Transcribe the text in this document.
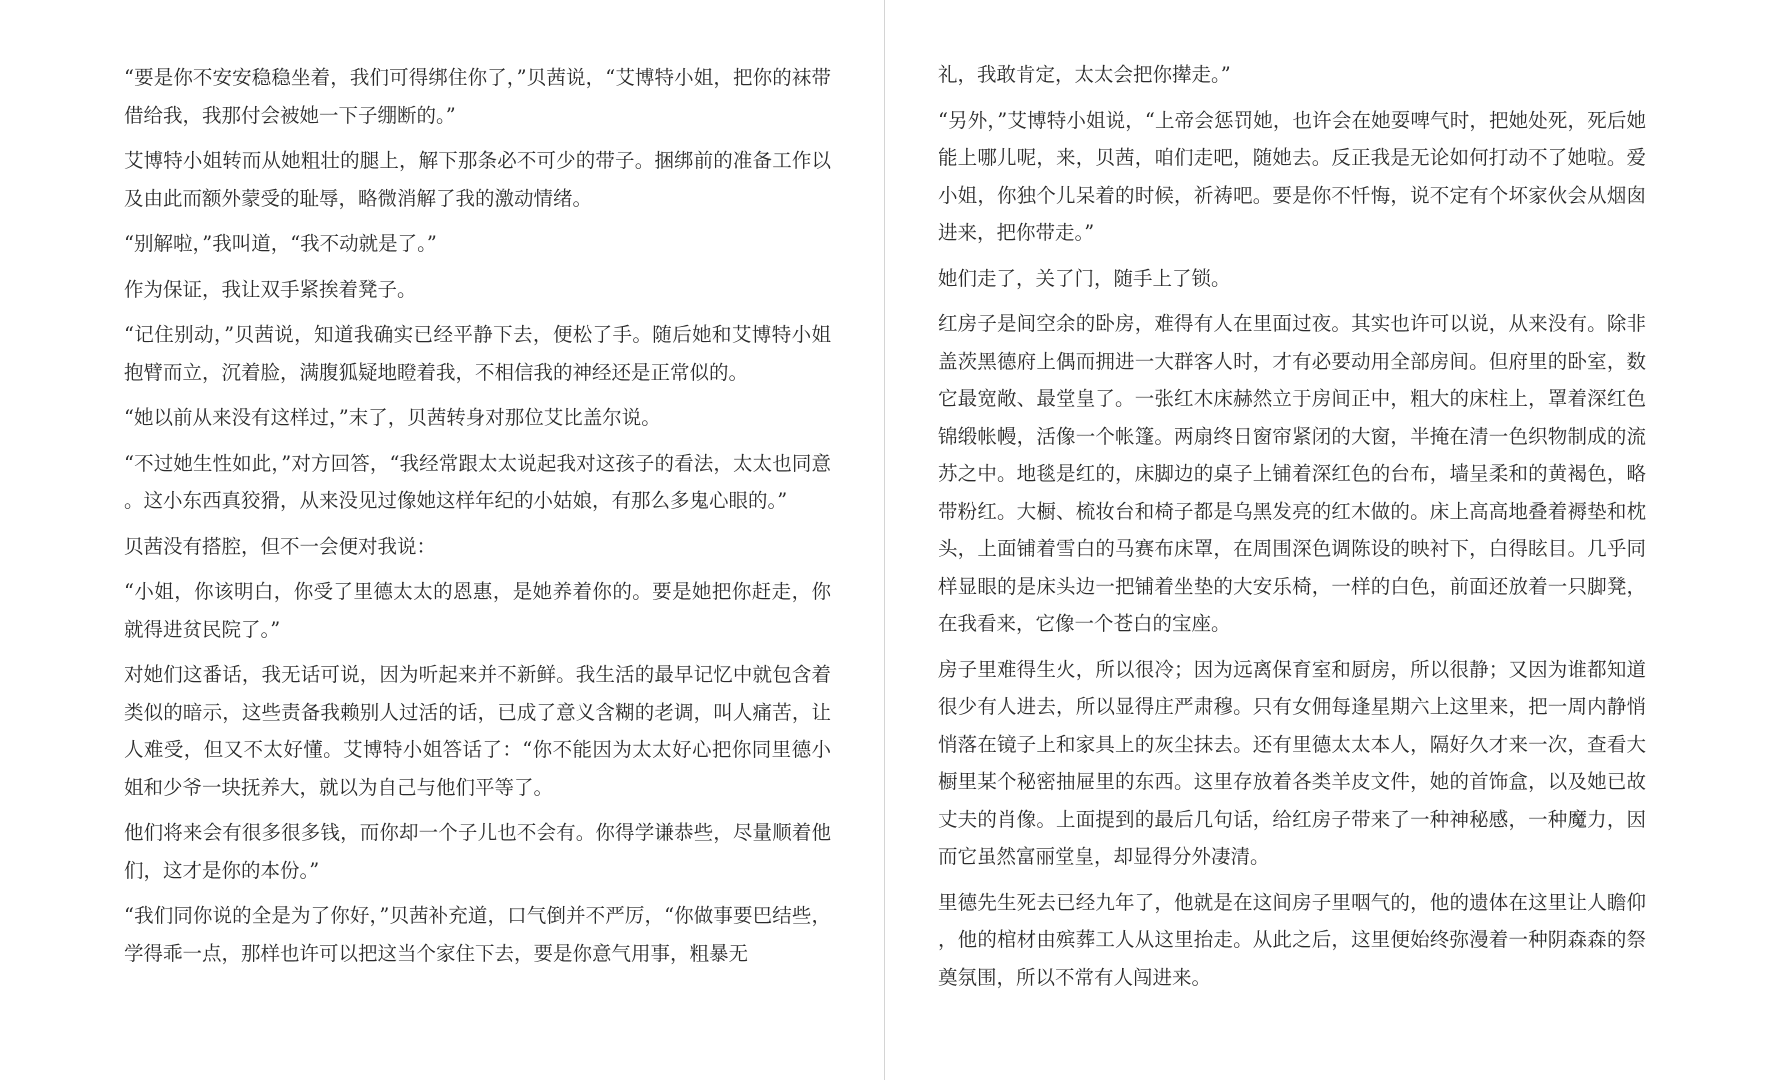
“要是你不安安稳稳坐着，我们可得绑住你了，”贝茜说，“艾博特小姐，把你的袜带借给我，我那付会被她一下子绷断的。”

艾博特小姐转而从她粗壮的腿上，解下那条必不可少的带子。捆绑前的准备工作以及由此而额外蒙受的耻辱，略微消解了我的激动情绪。

“别解啦，”我叫道，“我不动就是了。”

作为保证，我让双手紧挨着凳子。

“记住别动，”贝茜说，知道我确实已经平静下去，便松了手。随后她和艾博特小姐抱臂而立，沉着脸，满腹狐疑地瞪着我，不相信我的神经还是正常似的。

“她以前从来没有这样过，”末了，贝茜转身对那位艾比盖尔说。

“不过她生性如此，”对方回答，“我经常跟太太说起我对这孩子的看法，太太也同意。这小东西真狡猾，从来没见过像她这样年纪的小姑娘，有那么多鬼心眼的。”

贝茜没有搭腔，但不一会便对我说：

“小姐，你该明白，你受了里德太太的恩惠，是她养着你的。要是她把你赶走，你就得进贫民院了。”

对她们这番话，我无话可说，因为听起来并不新鲜。我生活的最早记忆中就包含着类似的暗示，这些责备我赖别人过活的话，已成了意义含糊的老调，叫人痛苦，让人难受，但又不太好懂。艾博特小姐答话了：“你不能因为太太好心把你同里德小姐和少爷一块抚养大，就以为自己与他们平等了。

他们将来会有很多很多钱，而你却一个子儿也不会有。你得学谦恭些，尽量顺着他们，这才是你的本份。”

“我们同你说的全是为了你好，”贝茜补充道，口气倒并不严厉，“你做事要巴结些，学得乖一点，那样也许可以把这当个家住下去，要是你意气用事，粗暴无

礼，我敢肯定，太太会把你撵走。”

“另外，”艾博特小姐说，“上帝会惩罚她，也许会在她耍啤气时，把她处死，死后她能上哪儿呢，来，贝茜，咱们走吧，随她去。反正我是无论如何打动不了她啦。爱小姐，你独个儿呆着的时候，祈祷吧。要是你不忏悔，说不定有个坏家伙会从烟囱进来，把你带走。”

她们走了，关了门，随手上了锁。

红房子是间空余的卧房，难得有人在里面过夜。其实也许可以说，从来没有。除非盖茨黑德府上偶而拥进一大群客人时，才有必要动用全部房间。但府里的卧室，数它最宽敞、最堂皇了。一张红木床赫然立于房间正中，粗大的床柱上，罩着深红色锦缎帐幔，活像一个帐篷。两扇终日窗帘紧闭的大窗，半掩在清一色织物制成的流苏之中。地毯是红的，床脚边的桌子上铺着深红色的台布，墙呈柔和的黄褐色，略带粉红。大橱、梳妆台和椅子都是乌黑发亮的红木做的。床上高高地叠着褥垫和枕头，上面铺着雪白的马赛布床罩，在周围深色调陈设的映衬下，白得眩目。几乎同样显眼的是床头边一把铺着坐垫的大安乐椅，一样的白色，前面还放着一只脚凳，在我看来，它像一个苍白的宝座。

房子里难得生火，所以很冷；因为远离保育室和厨房，所以很静；又因为谁都知道很少有人进去，所以显得庄严肃穆。只有女佣每逢星期六上这里来，把一周内静悄悄落在镜子上和家具上的灰尘抹去。还有里德太太本人，隔好久才来一次，查看大橱里某个秘密抽屉里的东西。这里存放着各类羊皮文件，她的首饰盒，以及她已故丈夫的肖像。上面提到的最后几句话，给红房子带来了一种神秘感，一种魔力，因而它虽然富丽堂皇，却显得分外凄清。

里德先生死去已经九年了，他就是在这间房子里咽气的，他的遗体在这里让人瞻仰，他的棺材由殡葬工人从这里抬走。从此之后，这里便始终弥漫着一种阴森森的祭奠氛围，所以不常有人闯进来。
